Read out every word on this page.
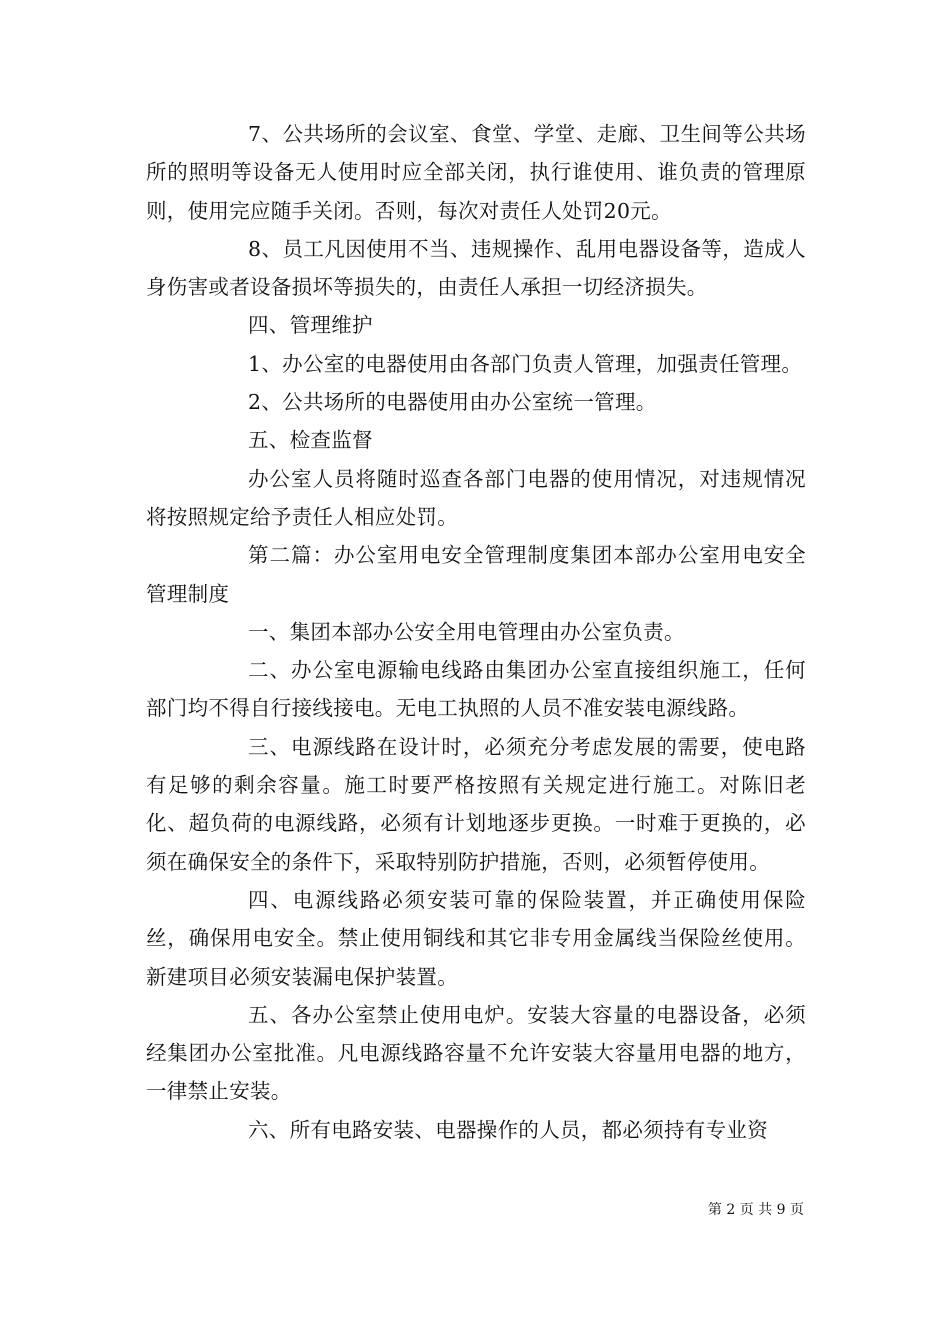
7、公共场所的会议室、食堂、学堂、走廊、卫生间等公共场所的照明等设备无人使用时应全部关闭，执行谁使用、谁负责的管理原则，使用完应随手关闭。否则，每次对责任人处罚20元。

8、员工凡因使用不当、违规操作、乱用电器设备等，造成人身伤害或者设备损坏等损失的，由责任人承担一切经济损失。

四、管理维护

1、办公室的电器使用由各部门负责人管理，加强责任管理。

2、公共场所的电器使用由办公室统一管理。

五、检查监督

办公室人员将随时巡查各部门电器的使用情况，对违规情况将按照规定给予责任人相应处罚。

第二篇：办公室用电安全管理制度集团本部办公室用电安全管理制度

一、集团本部办公安全用电管理由办公室负责。

二、办公室电源输电线路由集团办公室直接组织施工，任何部门均不得自行接线接电。无电工执照的人员不准安装电源线路。

三、电源线路在设计时，必须充分考虑发展的需要，使电路有足够的剩余容量。施工时要严格按照有关规定进行施工。对陈旧老化、超负荷的电源线路，必须有计划地逐步更换。一时难于更换的，必须在确保安全的条件下，采取特别防护措施，否则，必须暂停使用。

四、电源线路必须安装可靠的保险装置，并正确使用保险丝，确保用电安全。禁止使用铜线和其它非专用金属线当保险丝使用。新建项目必须安装漏电保护装置。

五、各办公室禁止使用电炉。安装大容量的电器设备，必须经集团办公室批准。凡电源线路容量不允许安装大容量用电器的地方，一律禁止安装。

六、所有电路安装、电器操作的人员，都必须持有专业资

第 2 页 共 9 页
